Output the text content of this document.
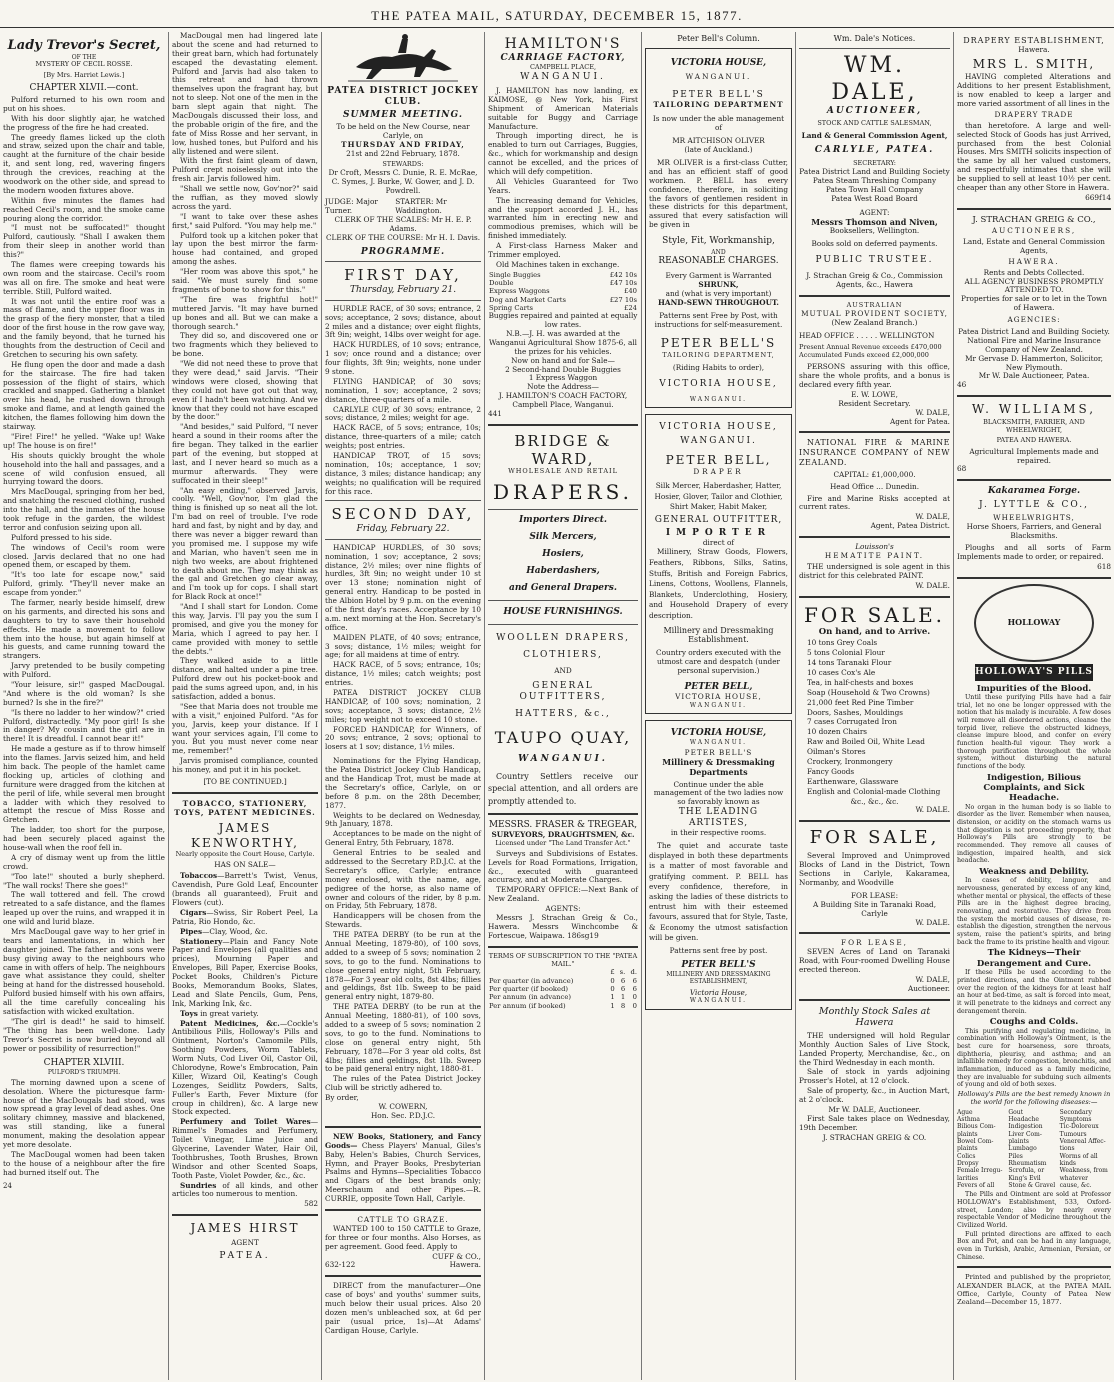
THE PATEA MAIL, SATURDAY, DECEMBER 15, 1877.
Lady Trevor's Secret,
OF THE
MYSTERY OF CECIL ROSSE.
[By Mrs. Harriet Lewis.]
CHAPTER XLVII.—cont.
Pulford returned to his own room and put on his shoes.
With his door slightly ajar, he watched the progress of the fire he had created.
The greedy flames licked up the cloth and straw, seized upon the chair and table, caught at the furniture of the chair beside it, and sent long, red, wavering fingers through the crevices, reaching at the woodwork on the other side, and spread to the modern wooden fixtures above.
Within five minutes the flames had reached Cecil's room, and the smoke came pouring along the corridor.
"I must not be suffocated!" thought Pulford, cautiously. "Shall I awaken them from their sleep in another world than this?"
The flames were creeping towards his own room and the staircase. Cecil's room was all on fire. The smoke and heat were terrible. Still, Pulford waited.
It was not until the entire roof was a mass of flame, and the upper floor was in the grasp of the fiery monster, that a tiled door of the first house in the row gave way, and the family beyond, that he turned his thoughts from the destruction of Cecil and Gretchen to securing his own safety.
He flung open the door and made a dash for the staircase. The fire had taken possession of the flight of stairs, which crackled and snapped. Gathering a blanket over his head, he rushed down through smoke and flame, and at length gained the kitchen, the flames following him down the stairway.
"Fire! Fire!" he yelled. "Wake up! Wake up! The house is on fire!"
His shouts quickly brought the whole household into the hall and passages, and a scene of wild confusion ensued, all hurrying toward the doors.
Mrs MacDougal, springing from her bed, and snatching the rescued clothing, rushed into the hall, and the inmates of the house took refuge in the garden, the wildest terror and confusion seizing upon all.
Pulford pressed to his side.
The windows of Cecil's room were closed. Jarvis declared that no one had opened them, or escaped by them.
"It's too late for escape now," said Pulford, grimly. "They'll never make an escape from yonder."
The farmer, nearly beside himself, drew on his garments, and directed his sons and daughters to try to save their household effects. He made a movement to follow them into the house, but again himself at his guests, and came running toward the strangers.
Jarvy pretended to be busily competing with Pulford.
"Your leisure, sir!" gasped MacDougal. "And where is the old woman? Is she burned? Is she in the fire?"
"Is there no ladder to her window?" cried Pulford, distractedly. "My poor girl! Is she in danger? My cousin and the girl are in there! It is dreadful. I cannot bear it!"
He made a gesture as if to throw himself into the flames. Jarvis seized him, and held him back. The people of the hamlet came flocking up, articles of clothing and furniture were dragged from the kitchen at the peril of life, while several men brought a ladder with which they resolved to attempt the rescue of Miss Rosse and Gretchen.
The ladder, too short for the purpose, had been securely placed against the house-wall when the roof fell in.
A cry of dismay went up from the little crowd.
"Too late!" shouted a burly shepherd. "The wall rocks! There she goes!"
The wall tottered and fell. The crowd retreated to a safe distance, and the flames leaped up over the ruins, and wrapped it in one wild and lurid blaze.
Mrs MacDougal gave way to her grief in tears and lamentations, in which her daughter joined. The father and sons were busy giving away to the neighbours who came in with offers of help. The neighbours gave what assistance they could, shelter being at hand for the distressed household. Pulford busied himself with his own affairs, all the time carefully concealing his satisfaction with wicked exultation.
"The girl is dead!" he said to himself. "The thing has been well-done. Lady Trevor's Secret is now buried beyond all power or possibility of resurrection!"
CHAPTER XLVIII.
PULFORD'S TRIUMPH.
The morning dawned upon a scene of desolation. Where the picturesque farm-house of the MacDougals had stood, was now spread a gray level of dead ashes. One solitary chimney, massive and blackened, was still standing, like a funeral monument, making the desolation appear yet more desolate.
The MacDougal women had been taken to the house of a neighbour after the fire had burned itself out. The
24
MacDougal men had lingered late about the scene and had returned to their great barn, which had fortunately escaped the devastating element. Pulford and Jarvis had also taken to this retreat and had thrown themselves upon the fragrant hay, but not to sleep. Not one of the men in the barn slept again that night. The MacDougals discussed their loss, and the probable origin of the fire, and the fate of Miss Rosse and her servant, in low, hushed tones, but Pulford and his ally listened and were silent.
With the first faint gleam of dawn, Pulford crept noiselessly out into the fresh air. Jarvis followed him.
"Shall we settle now, Gov'nor?" said the ruffian, as they moved slowly across the yard.
"I want to take over these ashes first," said Pulford. "You may help me."
Pulford took up a kitchen poker that lay upon the best mirror the farm-house had contained, and groped among the ashes.
"Her room was above this spot," he said. "We must surely find some fragments of bone to show for this."
"The fire was frightful hot!" muttered Jarvis. "It may have burned up bones and all. But we can make a thorough search."
They did so, and discovered one or two fragments which they believed to be bone.
"We did not need these to prove that they were dead," said Jarvis. "Their windows were closed, showing that they could not have got out that way, even if I hadn't been watching. And we know that they could not have escaped by the door."
"And besides," said Pulford, "I never heard a sound in their rooms after the fire began. They talked in the earlier part of the evening, but stopped at last, and I never heard so much as a murmur afterwards. They were suffocated in their sleep!"
"An easy ending," observed Jarvis, coolly. "Well, Gov'nor, I'm glad the thing is finished up so neat all the lot. I'm bad on reel of trouble. I've rode hard and fast, by night and by day, and there was never a bigger reward than you promised me. I suppose my wife and Marian, who haven't seen me in nigh two weeks, are about frightened to death about me. They may think as the gal and Gretchen go clear away, and I'm took up for cops. I shall start for Black Rock at once!"
"And I shall start for London. Come this way, Jarvis. I'll pay you the sum I promised, and give you the money for Maria, which I agreed to pay her. I came provided with money to settle the debts."
They walked aside to a little distance, and halted under a pine tree. Pulford drew out his pocket-book and paid the sums agreed upon, and, in his satisfaction, added a bonus.
"See that Maria does not trouble me with a visit," enjoined Pulford. "As for you, Jarvis, keep your distance. If I want your services again, I'll come to you. But you must never come near me, remember!"
Jarvis promised compliance, counted his money, and put it in his pocket.
[TO BE CONTINUED.]
TOBACCO, STATIONERY, TOYS, PATENT MEDICINES.
JAMES KENWORTHY,
Nearly opposite the Court House, Carlyle.
HAS ON SALE—
Tobaccos—Barrett's Twist, Venus, Cavendish, Pure Gold Leaf, Encounter (brands all guaranteed), Fruit and Flowers (cut).
Cigars—Swiss, Sir Robert Peel, La Patria, Rio Hondo, &c.
Pipes—Clay, Wood, &c.
Stationery—Plain and Fancy Note Paper and Envelopes (all qualities and prices), Mourning Paper and Envelopes, Bill Paper, Exercise Books, Pocket Books, Children's Picture Books, Memorandum Books, Slates, Lead and Slate Pencils, Gum, Pens, Ink, Marking Ink, &c.
Toys in great variety.
Patent Medicines, &c.—Cockle's Antibilious Pills, Holloway's Pills and Ointment, Norton's Camomile Pills, Soothing Powders, Worm Tablets, Worm Nuts, Cod Liver Oil, Castor Oil, Chlorodyne, Rowe's Embrocation, Pain Killer, Wizard Oil, Keating's Cough Lozenges, Seidlitz Powders, Salts, Fuller's Earth, Fever Mixture (for croup in children), &c. A large new Stock expected.
Perfumery and Toilet Wares—Rimmel's Pomades and Perfumery, Toilet Vinegar, Lime Juice and Glycerine, Lavender Water, Hair Oil, Toothbrushes, Tooth Brushes, Brown Windsor and other Scented Soaps, Tooth Paste, Violet Powder, &c., &c.
Sundries of all kinds, and other articles too numerous to mention.
582
JAMES HIRST
AGENT
PATEA.
PATEA DISTRICT JOCKEY CLUB.
SUMMER MEETING.
To be held on the New Course, near Carlyle, on
THURSDAY AND FRIDAY,
21st and 22nd February, 1878.
STEWARDS:
Dr Croft, Messrs C. Dunie, R. E. McRae, C. Symes, J. Burke, W. Gower, and J. D. Powdrell.
JUDGE: Major Turner.
STARTER: Mr Waddington.
CLERK OF THE SCALES: Mr H. E. P. Adams.
CLERK OF THE COURSE: Mr H. I. Davis.
PROGRAMME.
FIRST DAY,
Thursday, February 21.
HURDLE RACE, of 30 sovs; entrance, 2 sovs; acceptance, 2 sovs; distance, about 2 miles and a distance; over eight flights, 3ft 9in; weight, 14lbs over weight for age.
HACK HURDLES, of 10 sovs; entrance, 1 sov; once round and a distance; over four flights, 3ft 9in; weights, none under 9 stone.
FLYING HANDICAP, of 30 sovs; nomination, 1 sov; acceptance, 2 sovs; distance, three-quarters of a mile.
CARLYLE CUP, of 30 sovs; entrance, 2 sovs; distance, 2 miles; weight for age.
HACK RACE, of 5 sovs; entrance, 10s; distance, three-quarters of a mile; catch weights; post entries.
HANDICAP TROT, of 15 sovs; nomination, 10s; acceptance, 1 sov; distance, 3 miles; distance handicap; any weights; no qualification will be required for this race.
SECOND DAY,
Friday, February 22.
HANDICAP HURDLES, of 30 sovs; nomination, 1 sov; acceptance, 2 sovs; distance, 2½ miles; over nine flights of hurdles, 3ft 9in; no weight under 10 st over 13 stone; nomination night of general entry. Handicap to be posted in the Albion Hotel by 9 p.m. on the evening of the first day's races. Acceptance by 10 a.m. next morning at the Hon. Secretary's office.
MAIDEN PLATE, of 40 sovs; entrance, 3 sovs; distance, 1½ miles; weight for age; for all maidens at time of entry.
HACK RACE, of 5 sovs; entrance, 10s; distance, 1½ miles; catch weights; post entries.
PATEA DISTRICT JOCKEY CLUB HANDICAP, of 100 sovs; nomination, 2 sovs; acceptance, 3 sovs; distance, 2½ miles; top weight not to exceed 10 stone.
FORCED HANDICAP, for Winners, of 20 sovs; entrance, 2 sovs; optional to losers at 1 sov; distance, 1½ miles.
Nominations for the Flying Handicap, the Patea District Jockey Club Handicap, and the Handicap Trot, must be made at the Secretary's office, Carlyle, on or before 8 p.m. on the 28th December, 1877.
Weights to be declared on Wednesday, 9th January, 1878.
Acceptances to be made on the night of General Entry, 5th February, 1878.
General Entries to be sealed and addressed to the Secretary P.D.J.C. at the Secretary's office, Carlyle; entrance money enclosed, with the name, age, pedigree of the horse, as also name of owner and colours of the rider, by 8 p.m. on Friday, 5th February, 1878.
Handicappers will be chosen from the Stewards.
THE PATEA DERBY (to be run at the Annual Meeting, 1879-80), of 100 sovs, added to a sweep of 5 sovs; nomination 2 sovs, to go to the fund. Nominations to close general entry night, 5th February, 1878—For 3 year old colts, 8st 4lbs; fillies and geldings, 8st 1lb. Sweep to be paid general entry night, 1879-80.
THE PATEA DERBY (to be run at the Annual Meeting, 1880-81), of 100 sovs, added to a sweep of 5 sovs; nomination 2 sovs, to go to the fund. Nominations to close on general entry night, 5th February, 1878—For 3 year old colts, 8st 4lbs; fillies and geldings, 8st 1lb. Sweep to be paid general entry night, 1880-81.
The rules of the Patea District Jockey Club will be strictly adhered to.
By order,
W. COWERN,
Hon. Sec. P.D.J.C.
NEW Books, Stationery, and Fancy Goods— Chess Players' Manual, Giles's Baby, Helen's Babies, Church Services, Hymn, and Prayer Books, Presbyterian Psalms and Hymns—Specialities Tobacco and Cigars of the best brands only; Meerschaum and other Pipes.—R. CURRIE, opposite Town Hall, Carlyle.
CATTLE TO GRAZE.
WANTED 100 to 150 CATTLE to Graze, for three or four months. Also Horses, as per agreement. Good feed. Apply to
CUFF & CO.,
632-122	Hawera.
DIRECT from the manufacturer—One case of boys' and youths' summer suits, much below their usual prices. Also 20 dozen men's unbleached sox, at 6d per pair (usual price, 1s)—At Adams' Cardigan House, Carlyle.
HAMILTON'S
CARRIAGE FACTORY,
CAMPBELL PLACE,
WANGANUI.
J. HAMILTON has now landing, ex KAIMOSE, @ New York, his First Shipment of American Materials suitable for Buggy and Carriage Manufacture.
Through importing direct, he is enabled to turn out Carriages, Buggies, &c., which for workmanship and design cannot be excelled, and the prices of which will defy competition.
All Vehicles Guaranteed for Two Years.
The increasing demand for Vehicles, and the support accorded J. H., has warranted him in erecting new and commodious premises, which will be finished immediately.
A First-class Harness Maker and Trimmer employed.
Old Machines taken in exchange.
Single Buggies	£42 10s
Double	£47 10s
Express Waggons	£40
Dog and Market Carts	£27 10s
Spring Carts	£24
Buggies repaired and painted at equally low rates.
N.B.—J. H. was awarded at the Wanganui Agricultural Show 1875-6, all the prizes for his vehicles.
Now on hand and for Sale—
2 Second-hand Double Buggies
1 Express Waggon
Note the Address—
J. HAMILTON'S COACH FACTORY,
Campbell Place, Wanganui.
441
BRIDGE & WARD,
WHOLESALE AND RETAIL
DRAPERS.
Importers Direct.
Silk Mercers,
Hosiers,
Haberdashers,
and General Drapers.
HOUSE FURNISHINGS.
WOOLLEN DRAPERS,
CLOTHIERS,
AND
GENERAL OUTFITTERS,
HATTERS, &c.,
TAUPO QUAY,
WANGANUI.
Country Settlers receive our special attention, and all orders are promptly attended to.
MESSRS. FRASER & TREGEAR,
SURVEYORS, DRAUGHTSMEN, &c.
Licensed under "The Land Transfer Act."
Surveys and Subdivisions of Estates. Levels for Road Formations, Irrigation, &c., executed with guaranteed accuracy, and at Moderate Charges.
TEMPORARY OFFICE:—Next Bank of New Zealand.
AGENTS:
Messrs J. Strachan Greig & Co., Hawera. Messrs Winchcombe & Fortescue, Waipawa. 186sg19
TERMS OF SUBSCRIPTION TO THE "PATEA MAIL."
	£	s.	d.
Per quarter (in advance)	0	6	6
Per quarter (if booked)	0	6	6
Per annum (in advance)	1	1	0
Per annum (if booked)	1	8	0
Peter Bell's Column.
VICTORIA HOUSE,
WANGANUI.
PETER BELL'S
TAILORING DEPARTMENT
Is now under the able management of
MR AITCHISON OLIVER
(late of Auckland.)
MR OLIVER is a first-class Cutter, and has an efficient staff of good workmen. P. BELL has every confidence, therefore, in soliciting the favors of gentlemen resident in these districts for this department, assured that every satisfaction will be given in
Style, Fit, Workmanship,
AND
REASONABLE CHARGES.
Every Garment is Warranted
SHRUNK,
and (what is very important)
HAND-SEWN THROUGHOUT.
Patterns sent Free by Post, with instructions for self-measurement.
PETER BELL'S
TAILORING DEPARTMENT,
(Riding Habits to order),
VICTORIA HOUSE,
WANGANUI.
VICTORIA HOUSE,
WANGANUI.
PETER BELL,
DRAPER
Silk Mercer, Haberdasher, Hatter, Hosier, Glover, Tailor and Clothier, Shirt Maker, Habit Maker,
GENERAL OUTFITTER,
IMPORTER
direct of
Millinery, Straw Goods, Flowers, Feathers, Ribbons, Silks, Satins, Stuffs, British and Foreign Fabrics, Linens, Cottons, Woollens, Flannels, Blankets, Underclothing, Hosiery, and Household Drapery of every description.
Millinery and Dressmaking Establishment.
Country orders executed with the utmost care and despatch (under personal supervision.)
PETER BELL,
VICTORIA HOUSE,
WANGANUI.
VICTORIA HOUSE,
WANGANUI.
PETER BELL'S
Millinery & Dressmaking Departments
Continue under the able management of the two ladies now so favorably known as
THE LEADING ARTISTES,
in their respective rooms.
The quiet and accurate taste displayed in both these departments is a matter of most favorable and gratifying comment. P. BELL has every confidence, therefore, in asking the ladies of these districts to entrust him with their esteemed favours, assured that for Style, Taste, & Economy the utmost satisfaction will be given.
Patterns sent free by post.
PETER BELL'S
MILLINERY AND DRESSMAKING ESTABLISHMENT,
Victoria House,
WANGANUI.
Wm. Dale's Notices.
WM. DALE,
AUCTIONEER,
STOCK AND CATTLE SALESMAN,
Land & General Commission Agent,
CARLYLE, PATEA.
SECRETARY:
Patea District Land and Building Society
Patea Steam Threshing Company
Patea Town Hall Company
Patea West Road Board
AGENT:
Messrs Thomson and Niven,
Booksellers, Wellington.
Books sold on deferred payments.
PUBLIC TRUSTEE.
J. Strachan Greig & Co., Commission Agents, &c., Hawera
AUSTRALIAN
MUTUAL PROVIDENT SOCIETY,
(New Zealand Branch.)
HEAD OFFICE . . . . . WELLINGTON
Present Annual Revenue exceeds £470,000
Accumulated Funds exceed £2,000,000
PERSONS assuring with this office, share the whole profits, and a bonus is declared every fifth year.
E. W. LOWE,
Resident Secretary.
W. DALE,
Agent for Patea.
NATIONAL FIRE & MARINE INSURANCE COMPANY of NEW ZEALAND.
CAPITAL: £1,000,000.
Head Office ... Dunedin.
Fire and Marine Risks accepted at current rates.
W. DALE,
Agent, Patea District.
Louisson's
HEMATITE PAINT.
THE undersigned is sole agent in this district for this celebrated PAINT.
W. DALE.
FOR SALE.
On hand, and to Arrive.
10 tons Grey Coals
5 tons Colonial Flour
14 tons Taranaki Flour
10 cases Cox's Ale
Tea, in half-chests and boxes
Soap (Household & Two Crowns)
21,000 feet Red Pine Timber
Doors, Sashes, Mouldings
7 cases Corrugated Iron
10 dozen Chairs
Raw and Boiled Oil, White Lead
Oilman's Stores
Crockery, Ironmongery
Fancy Goods
Earthenware, Glassware
English and Colonial-made Clothing
&c., &c., &c.
W. DALE.
FOR SALE,
Several Improved and Unimproved Blocks of Land in the District, Town Sections in Carlyle, Kakaramea, Normanby, and Woodville
FOR LEASE:
A Building Site in Taranaki Road, Carlyle
W. DALE.
FOR LEASE,
SEVEN Acres of Land on Taranaki Road, with Four-roomed Dwelling House erected thereon.
W. DALE,
Auctioneer.
Monthly Stock Sales at Hawera
THE undersigned will hold Regular Monthly Auction Sales of Live Stock, Landed Property, Merchandise, &c., on the Third Wednesday in each month.
Sale of stock in yards adjoining Prosser's Hotel, at 12 o'clock.
Sale of property, &c., in Auction Mart, at 2 o'clock.
Mr W. DALE, Auctioneer.
First Sale takes place on Wednesday, 19th December.
J. STRACHAN GREIG & CO.
DRAPERY ESTABLISHMENT,
Hawera.
MRS L. SMITH,
HAVING completed Alterations and Additions to her present Establishment, is now enabled to keep a larger and more varied assortment of all lines in the
DRAPERY TRADE
than heretofore. A large and well-selected Stock of Goods has just Arrived, purchased from the best Colonial Houses. Mrs SMITH solicits inspection of the same by all her valued customers, and respectfully intimates that she will be supplied to sell at least 10½ per cent. cheaper than any other Store in Hawera.
669f14
J. STRACHAN GREIG & CO.,
AUCTIONEERS,
Land, Estate and General Commission Agents,
HAWERA.
Rents and Debts Collected.
ALL AGENCY BUSINESS PROMPTLY ATTENDED TO.
Properties for sale or to let in the Town of Hawera.
AGENCIES:
Patea District Land and Building Society.
National Fire and Marine Insurance Company of New Zealand.
Mr Gervase D. Hammerton, Solicitor, New Plymouth.
Mr W. Dale Auctioneer, Patea.
46
W. WILLIAMS,
BLACKSMITH, FARRIER, AND WHEELWRIGHT,
PATEA AND HAWERA.
Agricultural Implements made and repaired.
68
Kakaramea Forge.
J. LYTTLE & CO.,
WHEELWRIGHTS,
Horse Shoers, Farriers, and General Blacksmiths.
Ploughs and all sorts of Farm Implements made to order, or repaired.
618
HOLLOWAY
HOLLOWAY'S PILLS
Impurities of the Blood.
Until these purifying Pills have had a fair trial, let no one be longer oppressed with the notion that his malady is incurable. A few doses will remove all disordered actions, cleanse the torpid liver, relieve the obstructed kidneys, cleanse impure blood, and confer on every function health-ful vigour. They work a thorough purification throughout the whole system, without disturbing the natural functions of the body.
Indigestion, Bilious Complaints, and Sick Headache.
No organ in the human body is so liable to disorder as the liver. Remember when nausea, distension, or acidity on the stomach warns us that digestion is not proceeding properly, that Holloway's Pills are strongly to be recommended. They remove all causes of indigestion, impaired health, and sick headache.
Weakness and Debility.
In cases of debility, languor, and nervousness, generated by excess of any kind, whether mental or physical, the effects of these Pills are in the highest degree bracing, renovating, and restorative. They drive from the system the morbid causes of disease, re-establish the digestion, strengthen the nervous system, raise the patient's spirits, and bring back the frame to its pristine health and vigour.
The Kidneys—Their Derangement and Cure.
If these Pills be used according to the printed directions, and the Ointment rubbed over the region of the kidneys for at least half an hour at bed-time, as salt is forced into meat, it will penetrate to the kidneys and correct any derangement therein.
Coughs and Colds.
This purifying and regulating medicine, in combination with Holloway's Ointment, is the best cure for hoarseness, sore throats, diphtheria, pleurisy, and asthma; and an infallible remedy for congestion, bronchitis, and inflammation, induced as a family medicine, they are invaluable for subduing such ailments of young and old of both sexes.
Holloway's Pills are the best remedy known in the world for the following diseases:—
Ague	Gout	Secondary
Asthma	Headache	Symptoms
Bilious Com-	Indigestion	Tic-Doloreux
plaints	Liver Com-	Tumours
Bowel Com-	plaints	Venereal Affec-
plaints	Lumbago	tions
Colics	Piles	Worms of all
Dropsy	Rheumatism	kinds
Female Irregu- Scrofula, or	Weakness, from
larities	King's Evil	whatever
Fevers of all	Stone & Gravel cause, &c.
The Pills and Ointment are sold at Professor HOLLOWAY's Establishment, 533, Oxford-street, London; also by nearly every respectable Vendor of Medicine throughout the Civilized World.
Full printed directions are affixed to each Box and Pot, and can be had in any language, even in Turkish, Arabic, Armenian, Persian, or Chinese.
Printed and published by the proprietor, ALEXANDER BLACK, at the PATEA MAIL Office, Carlyle, County of Patea New Zealand—December 15, 1877.
